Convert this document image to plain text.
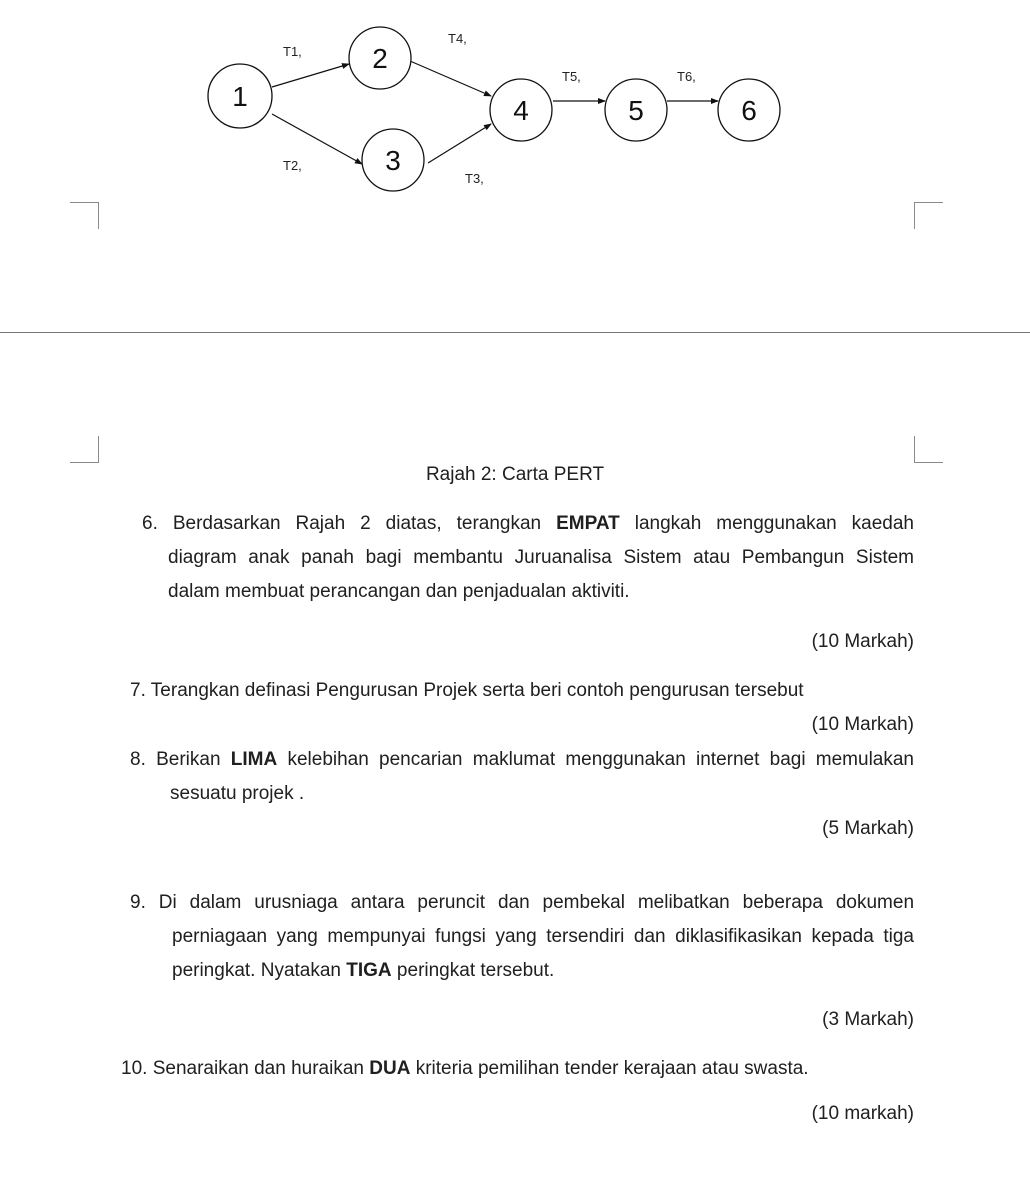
1
2
3
4	5	6
T1,
T2,
T3,
T4,
T5,	T6,
Rajah 2: Carta PERT
6. Berdasarkan Rajah 2 diatas, terangkan EMPAT langkah menggunakan kaedah
diagram anak panah bagi membantu Juruanalisa Sistem atau Pembangun Sistem
dalam membuat perancangan dan penjadualan aktiviti.
(10 Markah)
7. Terangkan definasi Pengurusan Projek serta beri contoh pengurusan tersebut
(10 Markah)
8. Berikan LIMA kelebihan pencarian maklumat menggunakan internet bagi memulakan
sesuatu projek .
(5 Markah)
9. Di dalam urusniaga antara peruncit dan pembekal melibatkan beberapa dokumen
perniagaan yang mempunyai fungsi yang tersendiri dan diklasifikasikan kepada tiga
peringkat. Nyatakan TIGA peringkat tersebut.
(3 Markah)
10. Senaraikan dan huraikan DUA kriteria pemilihan tender kerajaan atau swasta.
(10 markah)
